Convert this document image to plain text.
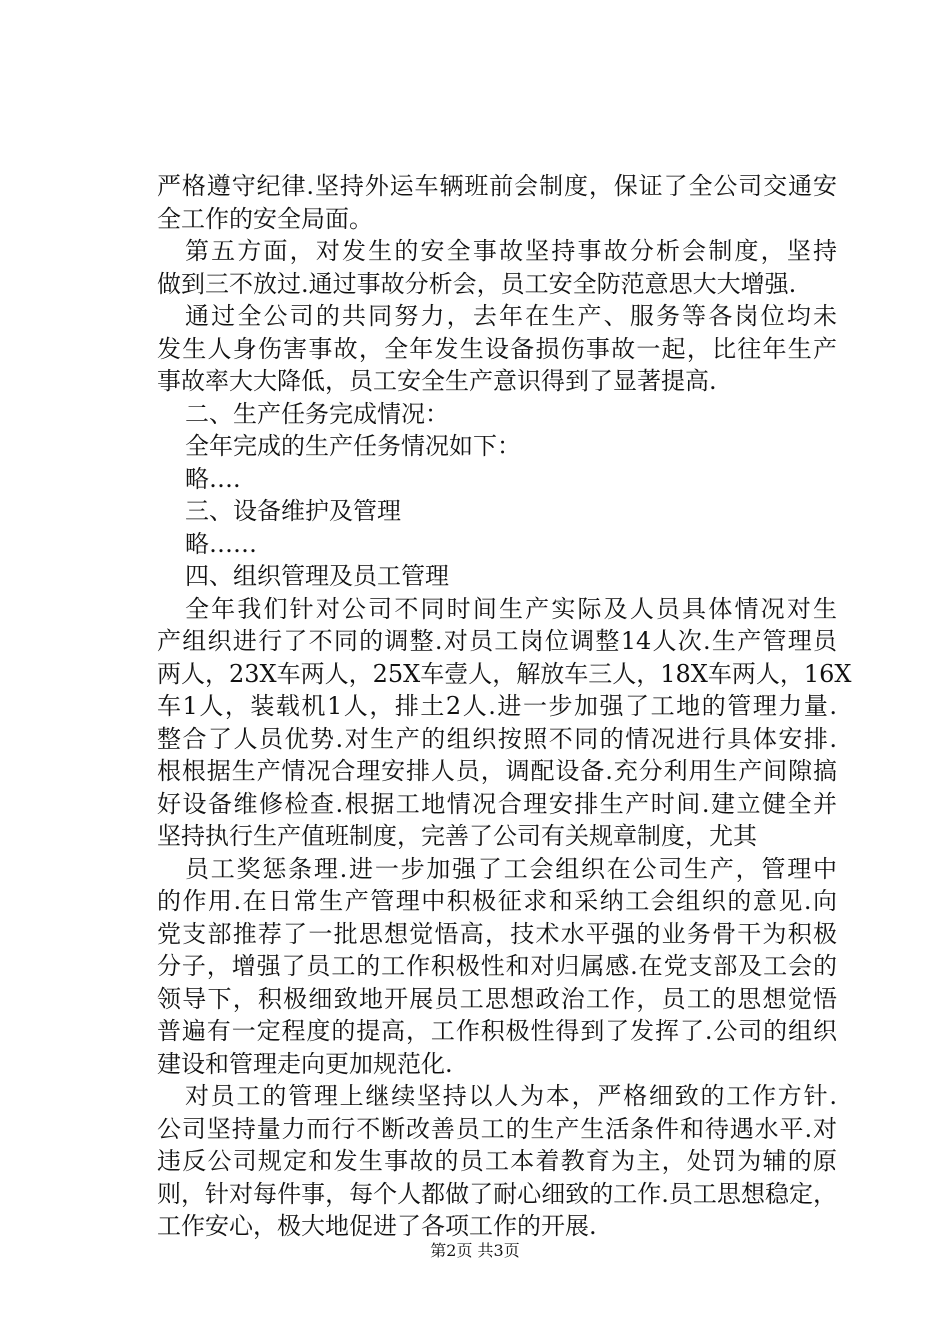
严格遵守纪律.坚持外运车辆班前会制度，保证了全公司交通安
全工作的安全局面。
第五方面，对发生的安全事故坚持事故分析会制度，坚持
做到三不放过.通过事故分析会，员工安全防范意思大大增强.
通过全公司的共同努力，去年在生产、服务等各岗位均未
发生人身伤害事故，全年发生设备损伤事故一起，比往年生产
事故率大大降低，员工安全生产意识得到了显著提高.
二、生产任务完成情况：
全年完成的生产任务情况如下：
略….
三、设备维护及管理
略……
四、组织管理及员工管理
全年我们针对公司不同时间生产实际及人员具体情况对生
产组织进行了不同的调整.对员工岗位调整14人次.生产管理员
两人，23X车两人，25X车壹人，解放车三人，18X车两人，16X
车1人，装载机1人，排土2人.进一步加强了工地的管理力量.
整合了人员优势.对生产的组织按照不同的情况进行具体安排.
根根据生产情况合理安排人员，调配设备.充分利用生产间隙搞
好设备维修检查.根据工地情况合理安排生产时间.建立健全并
坚持执行生产值班制度，完善了公司有关规章制度，尤其
员工奖惩条理.进一步加强了工会组织在公司生产，管理中
的作用.在日常生产管理中积极征求和采纳工会组织的意见.向
党支部推荐了一批思想觉悟高，技术水平强的业务骨干为积极
分子，增强了员工的工作积极性和对归属感.在党支部及工会的
领导下，积极细致地开展员工思想政治工作，员工的思想觉悟
普遍有一定程度的提高，工作积极性得到了发挥了.公司的组织
建设和管理走向更加规范化.
对员工的管理上继续坚持以人为本，严格细致的工作方针.
公司坚持量力而行不断改善员工的生产生活条件和待遇水平.对
违反公司规定和发生事故的员工本着教育为主，处罚为辅的原
则，针对每件事，每个人都做了耐心细致的工作.员工思想稳定，
工作安心，极大地促进了各项工作的开展.
第2页 共3页
